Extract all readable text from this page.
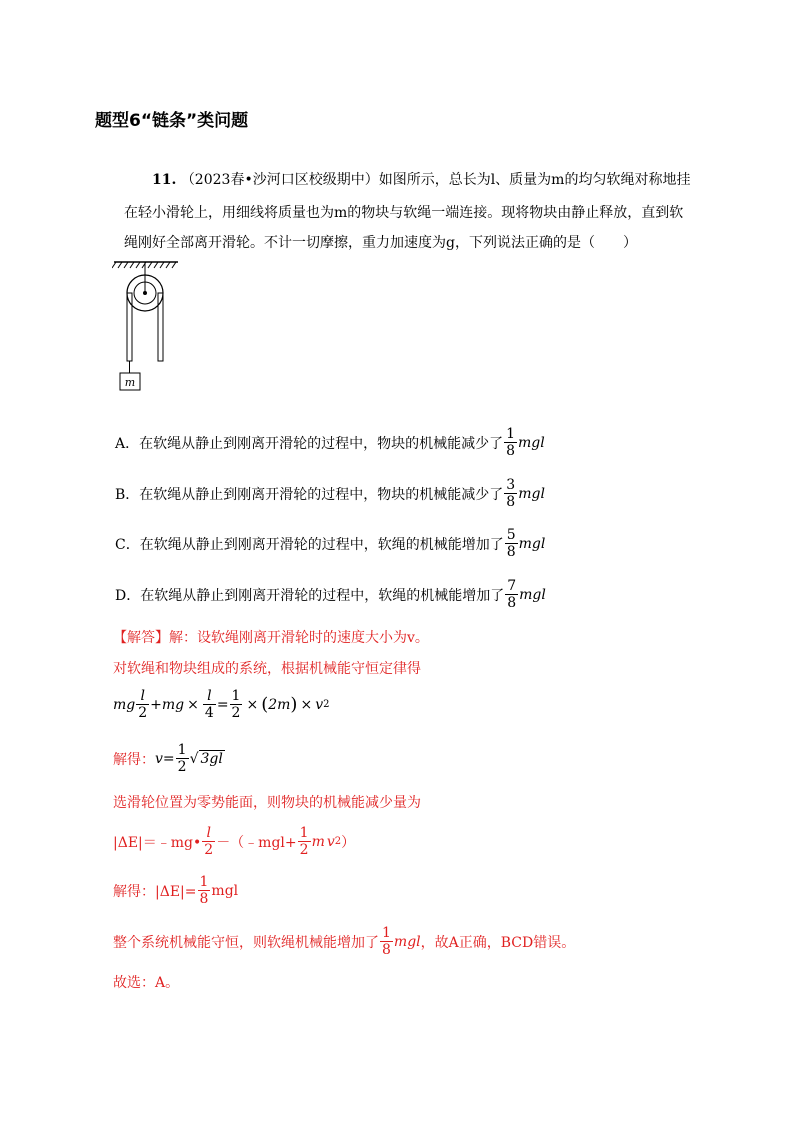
题型6“链条”类问题
11. （2023春•沙河口区校级期中）如图所示，总长为l、质量为m的均匀软绳对称地挂
在轻小滑轮上，用细线将质量也为m的物块与软绳一端连接。现将物块由静止释放，直到软
绳刚好全部离开滑轮。不计一切摩擦，重力加速度为g，下列说法正确的是（　　）
m
A．在软绳从静止到刚离开滑轮的过程中，物块的机械能减少了 $\frac{1}{8}$ mgl
B．在软绳从静止到刚离开滑轮的过程中，物块的机械能减少了 $\frac{3}{8}$ mgl
C．在软绳从静止到刚离开滑轮的过程中，软绳的机械能增加了 $\frac{5}{8}$ mgl
D．在软绳从静止到刚离开滑轮的过程中，软绳的机械能增加了 $\frac{7}{8}$ mgl
【解答】解：设软绳刚离开滑轮时的速度大小为v。
对软绳和物块组成的系统，根据机械能守恒定律得
mg $\frac{l}{2}$ + mg × $\frac{l}{4} = \frac{1}{2}$ × ( 2m ) × v 2
解得： $v = \frac{1}{2}$ √ 3gl
选滑轮位置为零势能面，则物块的机械能减少量为
|ΔE|＝﹣mg• $\frac{l}{2}$ －（﹣mgl+ $\frac{1}{2}$ m v 2 ）
解得：$|\Delta E|= \frac{1}{8}$ mgl
整个系统机械能守恒，则软绳机械能增加了 $\frac{1}{8}$ mgl ，故A正确，BCD错误。
故选：A。
